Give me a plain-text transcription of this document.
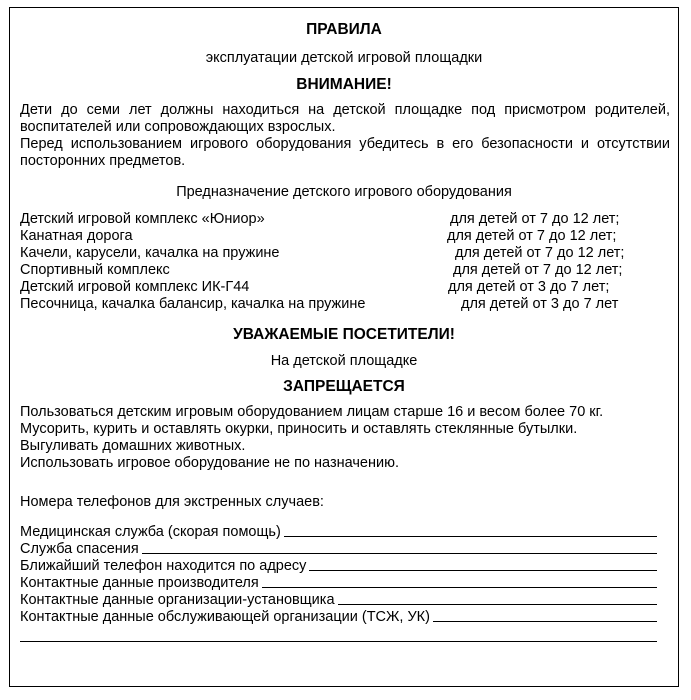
ПРАВИЛА
эксплуатации детской игровой площадки
ВНИМАНИЕ!
Дети до семи лет должны находиться на детской площадке под присмотром родителей, воспитателей или сопровождающих взрослых.
Перед использованием игрового оборудования убедитесь в его безопасности и отсутствии посторонних предметов.
Предназначение детского игрового оборудования
Детский игровой комплекс «Юниор»	для детей от 7 до 12 лет;
Канатная дорога	для детей от 7 до 12 лет;
Качели, карусели, качалка на пружине	для детей от 7 до 12 лет;
Спортивный комплекс	для детей от 7 до 12 лет;
Детский игровой комплекс ИК-Г44	для детей от 3 до 7 лет;
Песочница, качалка балансир, качалка на пружине	для детей от 3 до 7 лет
УВАЖАЕМЫЕ ПОСЕТИТЕЛИ!
На детской площадке
ЗАПРЕЩАЕТСЯ
Пользоваться детским игровым оборудованием лицам старше 16 и весом более 70 кг.
Мусорить, курить и оставлять окурки, приносить и оставлять стеклянные бутылки.
Выгуливать домашних животных.
Использовать игровое оборудование не по назначению.
Номера телефонов для экстренных случаев:
Медицинская служба (скорая помощь)
Служба спасения
Ближайший телефон находится по адресу
Контактные данные производителя
Контактные данные организации-установщика
Контактные данные обслуживающей организации (ТСЖ, УК)
